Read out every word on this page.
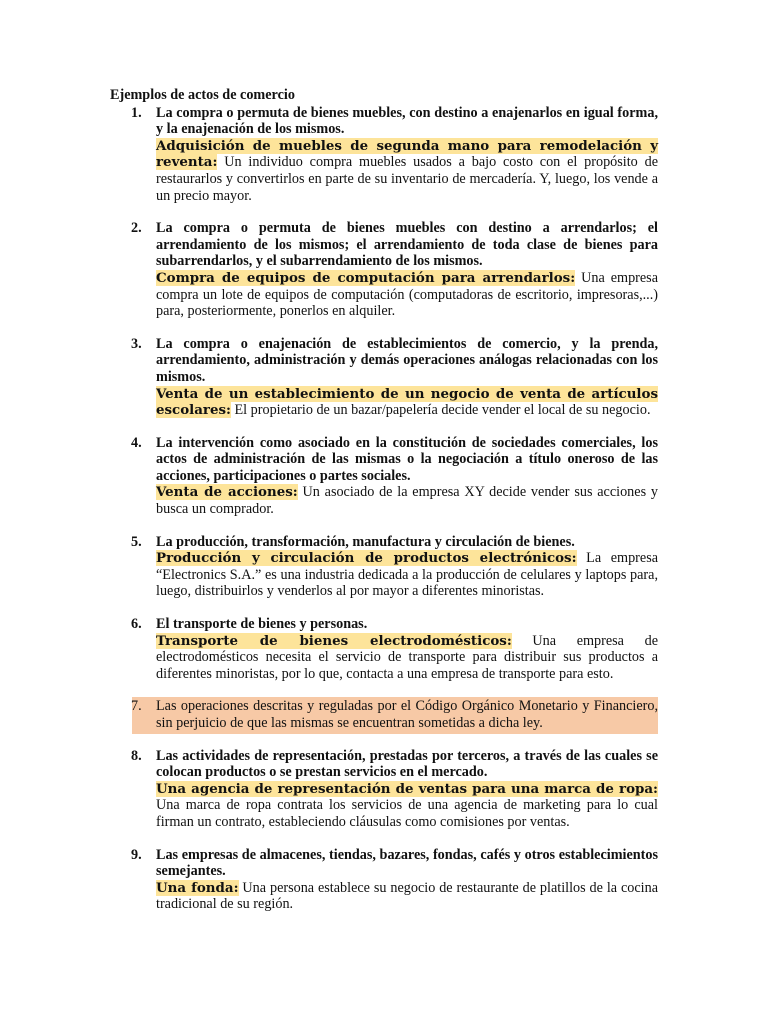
Ejemplos de actos de comercio
1. La compra o permuta de bienes muebles, con destino a enajenarlos en igual forma, y la enajenación de los mismos.
Adquisición de muebles de segunda mano para remodelación y reventa: Un individuo compra muebles usados a bajo costo con el propósito de restaurarlos y convertirlos en parte de su inventario de mercadería. Y, luego, los vende a un precio mayor.
2. La compra o permuta de bienes muebles con destino a arrendarlos; el arrendamiento de los mismos; el arrendamiento de toda clase de bienes para subarrendarlos, y el subarrendamiento de los mismos.
Compra de equipos de computación para arrendarlos: Una empresa compra un lote de equipos de computación (computadoras de escritorio, impresoras,...) para, posteriormente, ponerlos en alquiler.
3. La compra o enajenación de establecimientos de comercio, y la prenda, arrendamiento, administración y demás operaciones análogas relacionadas con los mismos.
Venta de un establecimiento de un negocio de venta de artículos escolares: El propietario de un bazar/papelería decide vender el local de su negocio.
4. La intervención como asociado en la constitución de sociedades comerciales, los actos de administración de las mismas o la negociación a título oneroso de las acciones, participaciones o partes sociales.
Venta de acciones: Un asociado de la empresa XY decide vender sus acciones y busca un comprador.
5. La producción, transformación, manufactura y circulación de bienes.
Producción y circulación de productos electrónicos: La empresa “Electronics S.A.” es una industria dedicada a la producción de celulares y laptops para, luego, distribuirlos y venderlos al por mayor a diferentes minoristas.
6. El transporte de bienes y personas.
Transporte de bienes electrodomésticos: Una empresa de electrodomésticos necesita el servicio de transporte para distribuir sus productos a diferentes minoristas, por lo que, contacta a una empresa de transporte para esto.
7. Las operaciones descritas y reguladas por el Código Orgánico Monetario y Financiero, sin perjuicio de que las mismas se encuentran sometidas a dicha ley.
8. Las actividades de representación, prestadas por terceros, a través de las cuales se colocan productos o se prestan servicios en el mercado.
Una agencia de representación de ventas para una marca de ropa: Una marca de ropa contrata los servicios de una agencia de marketing para lo cual firman un contrato, estableciendo cláusulas como comisiones por ventas.
9. Las empresas de almacenes, tiendas, bazares, fondas, cafés y otros establecimientos semejantes.
Una fonda: Una persona establece su negocio de restaurante de platillos de la cocina tradicional de su región.
